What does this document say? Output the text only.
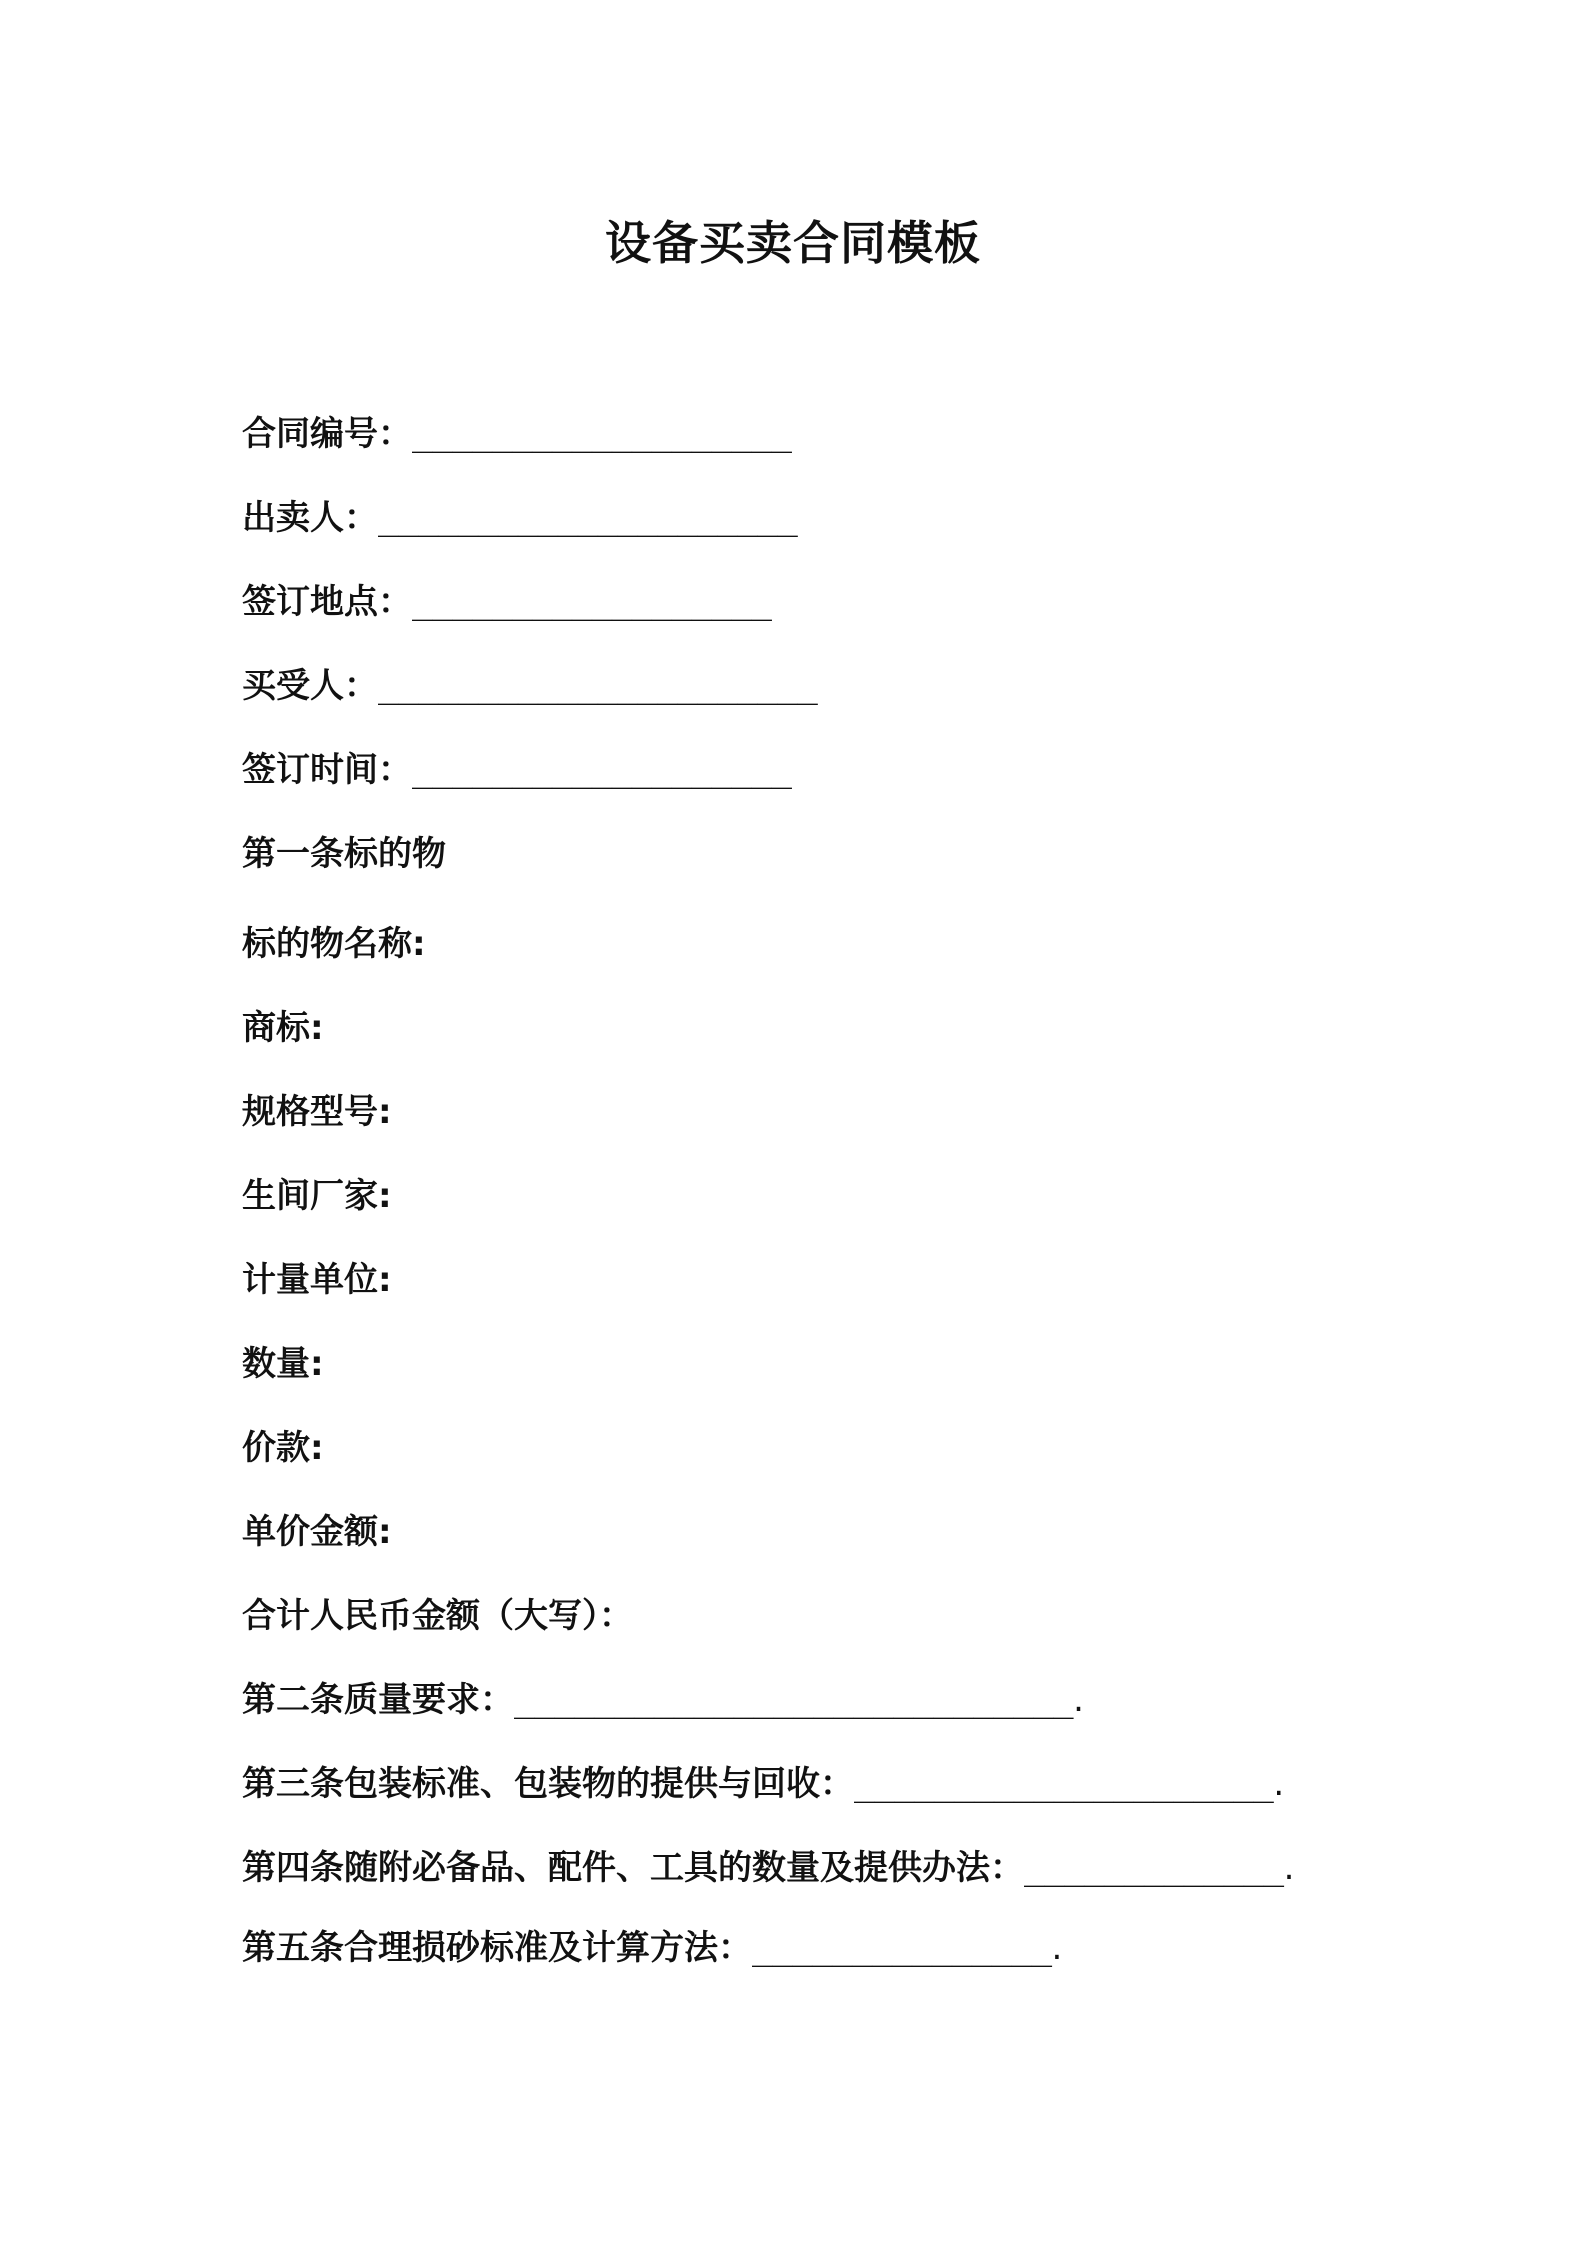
设备买卖合同模板
合同编号：___________________
出卖人：_____________________
签订地点：__________________
买受人：______________________
签订时间：___________________
第一条标的物
标的物名称:
商标:
规格型号:
生间厂家:
计量单位:
数量:
价款:
单价金额:
合计人民币金额（大写）：
第二条质量要求：____________________________.
第三条包装标准、包装物的提供与回收：_____________________.
第四条随附必备品、配件、工具的数量及提供办法：_____________.
第五条合理损砂标准及计算方法：_______________.
